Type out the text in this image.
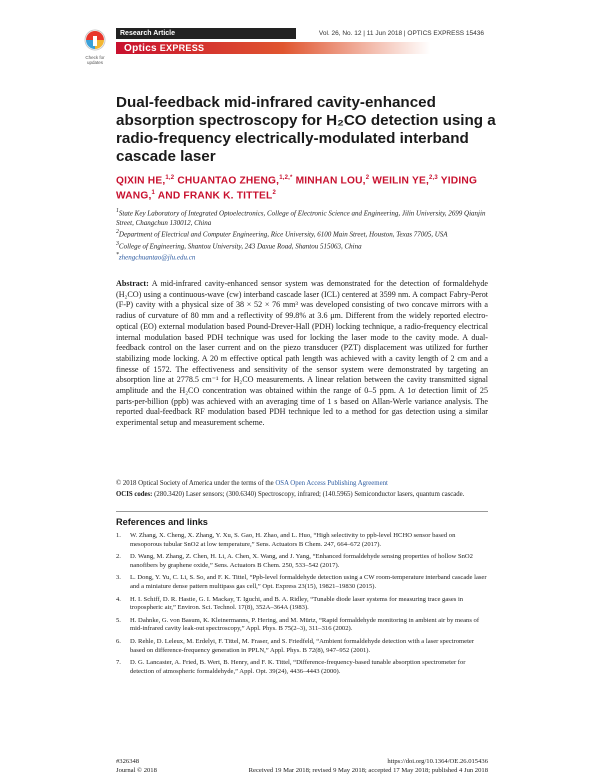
Check for updates
Research Article	Vol. 26, No. 12 | 11 Jun 2018 | OPTICS EXPRESS 15436
Optics EXPRESS
Dual-feedback mid-infrared cavity-enhanced absorption spectroscopy for H₂CO detection using a radio-frequency electrically-modulated interband cascade laser
QIXIN HE,$^{1,2}$ CHUANTAO ZHENG,$^{1,2,*}$ MINHAN LOU,$^2$ WEILIN YE,$^{2,3}$ YIDING WANG,$^1$ AND FRANK K. TITTEL$^2$
$^1$State Key Laboratory of Integrated Optoelectronics, College of Electronic Science and Engineering, Jilin University, 2699 Qianjin Street, Changchun 130012, China
$^2$Department of Electrical and Computer Engineering, Rice University, 6100 Main Street, Houston, Texas 77005, USA
$^3$College of Engineering, Shantou University, 243 Daxue Road, Shantou 515063, China
*zhengchuantao@jlu.edu.cn
Abstract: A mid-infrared cavity-enhanced sensor system was demonstrated for the detection of formaldehyde (H₂CO) using a continuous-wave (cw) interband cascade laser (ICL) centered at 3599 nm. A compact Fabry-Perot (F-P) cavity with a physical size of 38 × 52 × 76 mm³ was developed consisting of two concave mirrors with a radius of curvature of 80 mm and a reflectivity of 99.8% at 3.6 μm. Different from the widely reported electro-optical (EO) external modulation based Pound-Drever-Hall (PDH) locking technique, a radio-frequency electrical internal modulation based PDH technique was used for locking the laser mode to the cavity mode. A dual-feedback control on the laser current and on the piezo transducer (PZT) displacement was utilized for further stabilizing mode locking. A 20 m effective optical path length was achieved with a cavity length of 2 cm and a finesse of 1572. The effectiveness and sensitivity of the sensor system were demonstrated by targeting an absorption line at 2778.5 cm⁻¹ for H₂CO measurements. A linear relation between the cavity transmitted signal amplitude and the H₂CO concentration was obtained within the range of 0–5 ppm. A 1σ detection limit of 25 parts-per-billion (ppb) was achieved with an averaging time of 1 s based on Allan-Werle variance analysis. The reported dual-feedback RF modulation based PDH technique led to a method for gas detection using a similar experimental setup and measurement scheme.
© 2018 Optical Society of America under the terms of the OSA Open Access Publishing Agreement
OCIS codes: (280.3420) Laser sensors; (300.6340) Spectroscopy, infrared; (140.5965) Semiconductor lasers, quantum cascade.
References and links
1. W. Zhang, X. Cheng, X. Zhang, Y. Xu, S. Gao, H. Zhao, and L. Huo, “High selectivity to ppb-level HCHO sensor based on mesoporous tubular SnO2 at low temperature,” Sens. Actuators B Chem. 247, 664–672 (2017).
2. D. Wang, M. Zhang, Z. Chen, H. Li, A. Chen, X. Wang, and J. Yang, “Enhanced formaldehyde sensing properties of hollow SnO2 nanofibers by graphene oxide,” Sens. Actuators B Chem. 250, 533–542 (2017).
3. L. Dong, Y. Yu, C. Li, S. So, and F. K. Tittel, “Ppb-level formaldehyde detection using a CW room-temperature interband cascade laser and a miniature dense pattern multipass gas cell,” Opt. Express 23(15), 19821–19830 (2015).
4. H. I. Schiff, D. R. Hastie, G. I. Mackay, T. Iguchi, and B. A. Ridley, “Tunable diode laser systems for measuring trace gases in tropospheric air,” Environ. Sci. Technol. 17(8), 352A–364A (1983).
5. H. Dahnke, G. von Basum, K. Kleinermanns, P. Hering, and M. Mürtz, “Rapid formaldehyde monitoring in ambient air by means of mid-infrared cavity leak-out spectroscopy,” Appl. Phys. B 75(2–3), 311–316 (2002).
6. D. Rehle, D. Leleux, M. Erdelyi, F. Tittel, M. Fraser, and S. Friedfeld, “Ambient formaldehyde detection with a laser spectrometer based on difference-frequency generation in PPLN,” Appl. Phys. B 72(8), 947–952 (2001).
7. D. G. Lancaster, A. Fried, B. Wert, B. Henry, and F. K. Tittel, “Difference-frequency-based tunable absorption spectrometer for detection of atmospheric formaldehyde,” Appl. Opt. 39(24), 4436–4443 (2000).
#326348	https://doi.org/10.1364/OE.26.015436
Journal © 2018	Received 19 Mar 2018; revised 9 May 2018; accepted 17 May 2018; published 4 Jun 2018
